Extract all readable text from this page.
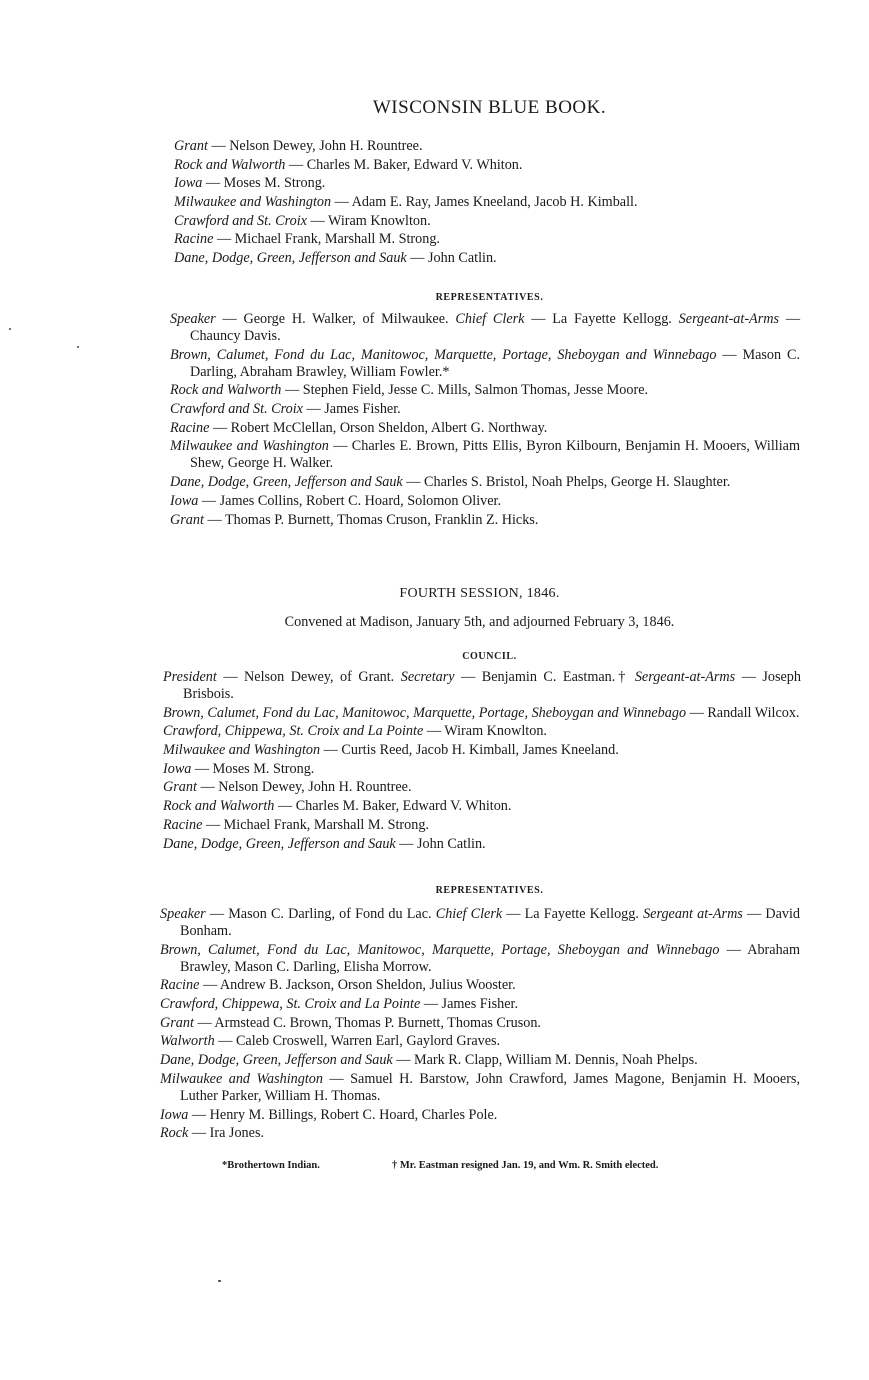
WISCONSIN BLUE BOOK.

Grant — Nelson Dewey, John H. Rountree.

Rock and Walworth — Charles M. Baker, Edward V. Whiton.

Iowa — Moses M. Strong.

Milwaukee and Washington — Adam E. Ray, James Kneeland, Jacob H. Kimball.

Crawford and St. Croix — Wiram Knowlton.

Racine — Michael Frank, Marshall M. Strong.

Dane, Dodge, Green, Jefferson and Sauk — John Catlin.

REPRESENTATIVES.

Speaker — George H. Walker, of Milwaukee. Chief Clerk — La Fayette Kellogg. Sergeant-at-Arms — Chauncy Davis.

Brown, Calumet, Fond du Lac, Manitowoc, Marquette, Portage, Sheboygan and Winnebago — Mason C. Darling, Abraham Brawley, William Fowler.*

Rock and Walworth — Stephen Field, Jesse C. Mills, Salmon Thomas, Jesse Moore.

Crawford and St. Croix — James Fisher.

Racine — Robert McClellan, Orson Sheldon, Albert G. Northway.

Milwaukee and Washington — Charles E. Brown, Pitts Ellis, Byron Kilbourn, Benjamin H. Mooers, William Shew, George H. Walker.

Dane, Dodge, Green, Jefferson and Sauk — Charles S. Bristol, Noah Phelps, George H. Slaughter.

Iowa — James Collins, Robert C. Hoard, Solomon Oliver.

Grant — Thomas P. Burnett, Thomas Cruson, Franklin Z. Hicks.

FOURTH SESSION, 1846.
Convened at Madison, January 5th, and adjourned February 3, 1846.
COUNCIL.

President — Nelson Dewey, of Grant. Secretary — Benjamin C. Eastman.† Sergeant-at-Arms — Joseph Brisbois.

Brown, Calumet, Fond du Lac, Manitowoc, Marquette, Portage, Sheboygan and Winnebago — Randall Wilcox.

Crawford, Chippewa, St. Croix and La Pointe — Wiram Knowlton.

Milwaukee and Washington — Curtis Reed, Jacob H. Kimball, James Kneeland.

Iowa — Moses M. Strong.

Grant — Nelson Dewey, John H. Rountree.

Rock and Walworth — Charles M. Baker, Edward V. Whiton.

Racine — Michael Frank, Marshall M. Strong.

Dane, Dodge, Green, Jefferson and Sauk — John Catlin.

REPRESENTATIVES.

Speaker — Mason C. Darling, of Fond du Lac. Chief Clerk — La Fayette Kellogg. Sergeant at-Arms — David Bonham.

Brown, Calumet, Fond du Lac, Manitowoc, Marquette, Portage, Sheboygan and Winnebago — Abraham Brawley, Mason C. Darling, Elisha Morrow.

Racine — Andrew B. Jackson, Orson Sheldon, Julius Wooster.

Crawford, Chippewa, St. Croix and La Pointe — James Fisher.

Grant — Armstead C. Brown, Thomas P. Burnett, Thomas Cruson.

Walworth — Caleb Croswell, Warren Earl, Gaylord Graves.

Dane, Dodge, Green, Jefferson and Sauk — Mark R. Clapp, William M. Dennis, Noah Phelps.

Milwaukee and Washington — Samuel H. Barstow, John Crawford, James Magone, Benjamin H. Mooers, Luther Parker, William H. Thomas.

Iowa — Henry M. Billings, Robert C. Hoard, Charles Pole.

Rock — Ira Jones.

*Brothertown Indian.	† Mr. Eastman resigned Jan. 19, and Wm. R. Smith elected.
